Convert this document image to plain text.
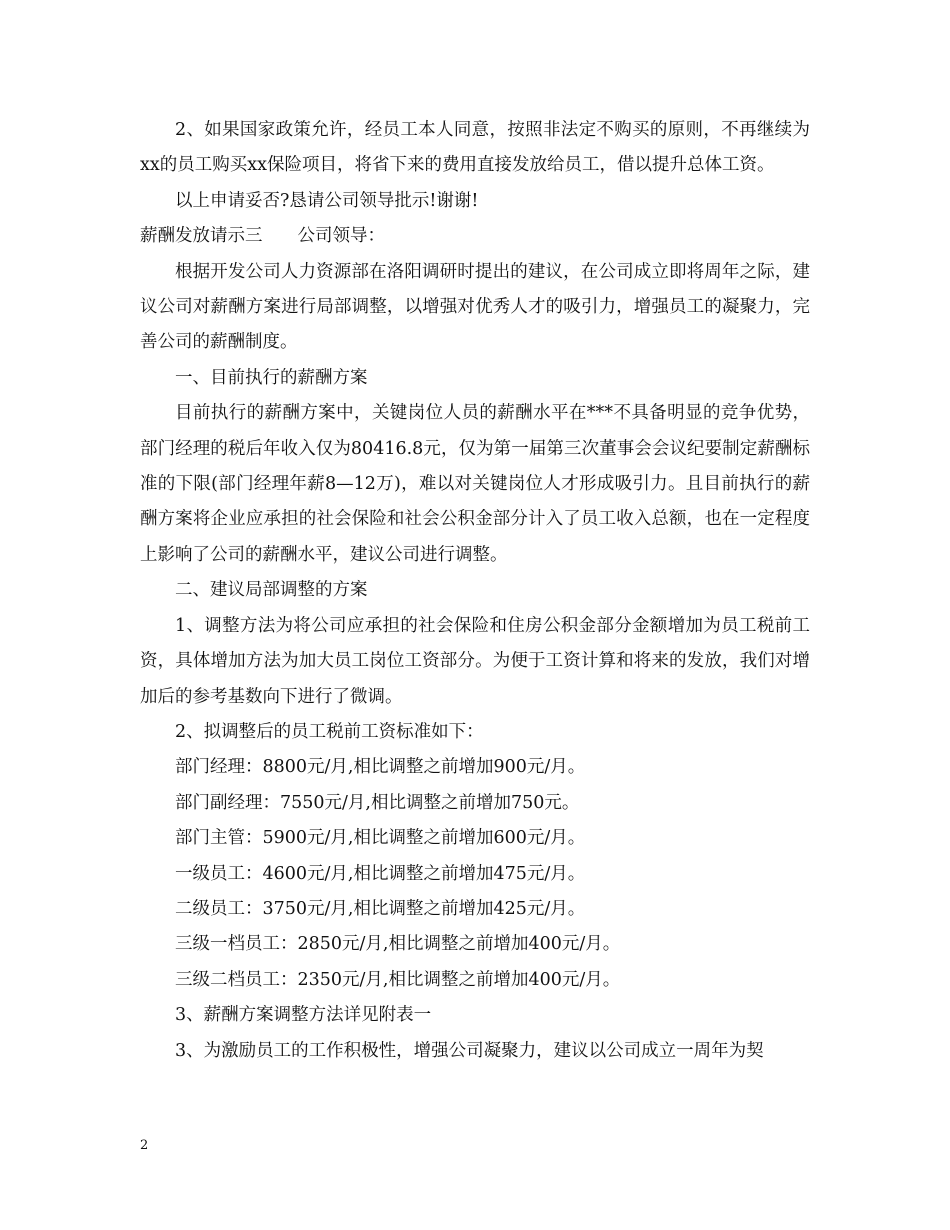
2、如果国家政策允许，经员工本人同意，按照非法定不购买的原则，不再继续为xx的员工购买xx保险项目，将省下来的费用直接发放给员工，借以提升总体工资。

以上申请妥否?恳请公司领导批示!谢谢!

薪酬发放请示三　　公司领导：

根据开发公司人力资源部在洛阳调研时提出的建议，在公司成立即将周年之际，建议公司对薪酬方案进行局部调整，以增强对优秀人才的吸引力，增强员工的凝聚力，完善公司的薪酬制度。

一、目前执行的薪酬方案

目前执行的薪酬方案中，关键岗位人员的薪酬水平在***不具备明显的竞争优势，部门经理的税后年收入仅为80416.8元，仅为第一届第三次董事会会议纪要制定薪酬标准的下限(部门经理年薪8—12万)，难以对关键岗位人才形成吸引力。且目前执行的薪酬方案将企业应承担的社会保险和社会公积金部分计入了员工收入总额，也在一定程度上影响了公司的薪酬水平，建议公司进行调整。

二、建议局部调整的方案

1、调整方法为将公司应承担的社会保险和住房公积金部分金额增加为员工税前工资，具体增加方法为加大员工岗位工资部分。为便于工资计算和将来的发放，我们对增加后的参考基数向下进行了微调。

2、拟调整后的员工税前工资标准如下：

部门经理：8800元/月,相比调整之前增加900元/月。

部门副经理：7550元/月,相比调整之前增加750元。

部门主管：5900元/月,相比调整之前增加600元/月。

一级员工：4600元/月,相比调整之前增加475元/月。

二级员工：3750元/月,相比调整之前增加425元/月。

三级一档员工：2850元/月,相比调整之前增加400元/月。

三级二档员工：2350元/月,相比调整之前增加400元/月。

3、薪酬方案调整方法详见附表一

3、为激励员工的工作积极性，增强公司凝聚力，建议以公司成立一周年为契

2
